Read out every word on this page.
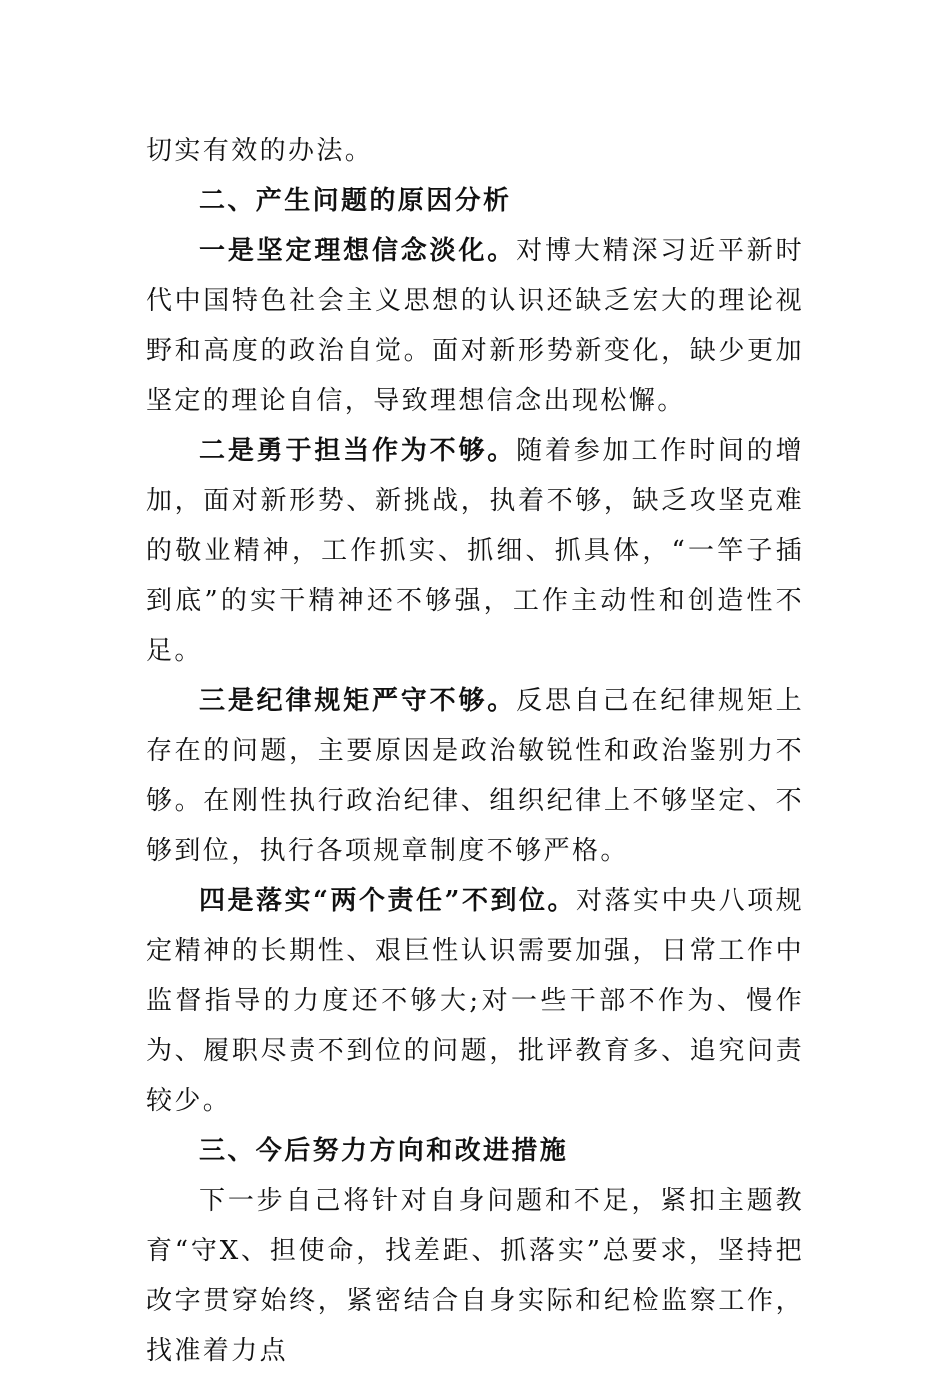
切实有效的办法。

二、产生问题的原因分析

一是坚定理想信念淡化。对博大精深习近平新时代中国特色社会主义思想的认识还缺乏宏大的理论视野和高度的政治自觉。面对新形势新变化，缺少更加坚定的理论自信，导致理想信念出现松懈。

二是勇于担当作为不够。随着参加工作时间的增加，面对新形势、新挑战，执着不够，缺乏攻坚克难的敬业精神，工作抓实、抓细、抓具体，“一竿子插到底”的实干精神还不够强，工作主动性和创造性不足。

三是纪律规矩严守不够。反思自己在纪律规矩上存在的问题，主要原因是政治敏锐性和政治鉴别力不够。在刚性执行政治纪律、组织纪律上不够坚定、不够到位，执行各项规章制度不够严格。

四是落实“两个责任”不到位。对落实中央八项规定精神的长期性、艰巨性认识需要加强，日常工作中监督指导的力度还不够大;对一些干部不作为、慢作为、履职尽责不到位的问题，批评教育多、追究问责较少。

三、今后努力方向和改进措施

下一步自己将针对自身问题和不足，紧扣主题教育“守X、担使命，找差距、抓落实”总要求，坚持把改字贯穿始终，紧密结合自身实际和纪检监察工作，找准着力点
